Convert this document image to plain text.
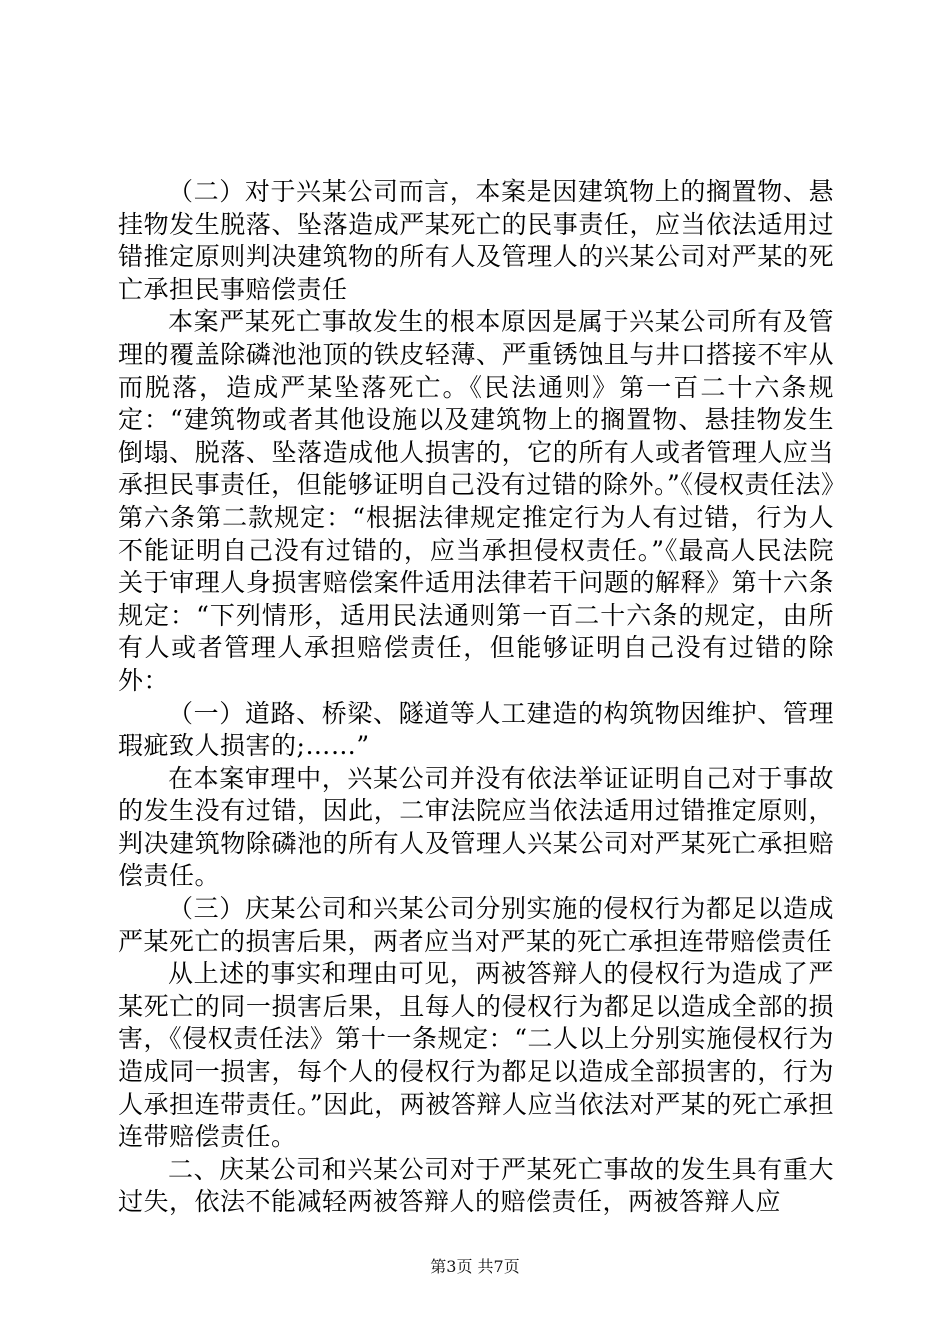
（二）对于兴某公司而言，本案是因建筑物上的搁置物、悬挂物发生脱落、坠落造成严某死亡的民事责任，应当依法适用过错推定原则判决建筑物的所有人及管理人的兴某公司对严某的死亡承担民事赔偿责任

本案严某死亡事故发生的根本原因是属于兴某公司所有及管理的覆盖除磷池池顶的铁皮轻薄、严重锈蚀且与井口搭接不牢从而脱落，造成严某坠落死亡。《民法通则》第一百二十六条规定：“建筑物或者其他设施以及建筑物上的搁置物、悬挂物发生倒塌、脱落、坠落造成他人损害的，它的所有人或者管理人应当承担民事责任，但能够证明自己没有过错的除外。”《侵权责任法》第六条第二款规定：“根据法律规定推定行为人有过错，行为人不能证明自己没有过错的，应当承担侵权责任。”《最高人民法院关于审理人身损害赔偿案件适用法律若干问题的解释》第十六条规定：“下列情形，适用民法通则第一百二十六条的规定，由所有人或者管理人承担赔偿责任，但能够证明自己没有过错的除外：

（一）道路、桥梁、隧道等人工建造的构筑物因维护、管理瑕疵致人损害的;……”

在本案审理中，兴某公司并没有依法举证证明自己对于事故的发生没有过错，因此，二审法院应当依法适用过错推定原则，判决建筑物除磷池的所有人及管理人兴某公司对严某死亡承担赔偿责任。

（三）庆某公司和兴某公司分别实施的侵权行为都足以造成严某死亡的损害后果，两者应当对严某的死亡承担连带赔偿责任

从上述的事实和理由可见，两被答辩人的侵权行为造成了严某死亡的同一损害后果，且每人的侵权行为都足以造成全部的损害，《侵权责任法》第十一条规定：“二人以上分别实施侵权行为造成同一损害，每个人的侵权行为都足以造成全部损害的，行为人承担连带责任。”因此，两被答辩人应当依法对严某的死亡承担连带赔偿责任。

二、庆某公司和兴某公司对于严某死亡事故的发生具有重大过失，依法不能减轻两被答辩人的赔偿责任，两被答辩人应

第3页 共7页
